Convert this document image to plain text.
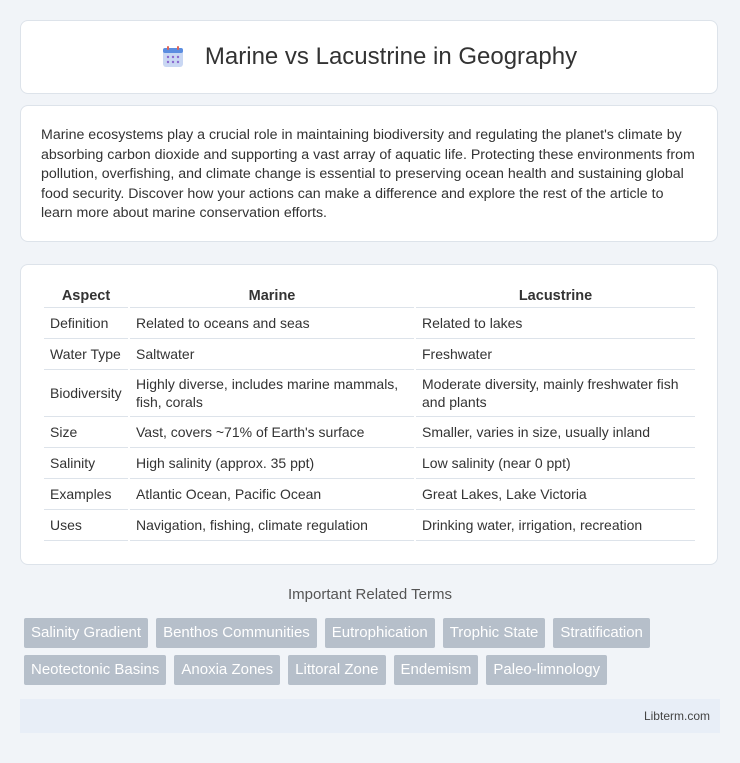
Marine vs Lacustrine in Geography

Marine ecosystems play a crucial role in maintaining biodiversity and regulating the planet's climate by absorbing carbon dioxide and supporting a vast array of aquatic life. Protecting these environments from pollution, overfishing, and climate change is essential to preserving ocean health and sustaining global food security. Discover how your actions can make a difference and explore the rest of the article to learn more about marine conservation efforts.

Aspect	Marine	Lacustrine
Definition	Related to oceans and seas	Related to lakes
Water Type	Saltwater	Freshwater
Biodiversity	Highly diverse, includes marine mammals, fish, corals	Moderate diversity, mainly freshwater fish and plants
Size	Vast, covers ~71% of Earth's surface	Smaller, varies in size, usually inland
Salinity	High salinity (approx. 35 ppt)	Low salinity (near 0 ppt)
Examples	Atlantic Ocean, Pacific Ocean	Great Lakes, Lake Victoria
Uses	Navigation, fishing, climate regulation	Drinking water, irrigation, recreation
Important Related Terms
Salinity Gradient	Benthos Communities	Eutrophication	Trophic State	Stratification
Neotectonic Basins	Anoxia Zones	Littoral Zone	Endemism	Paleo-limnology
Libterm.com
